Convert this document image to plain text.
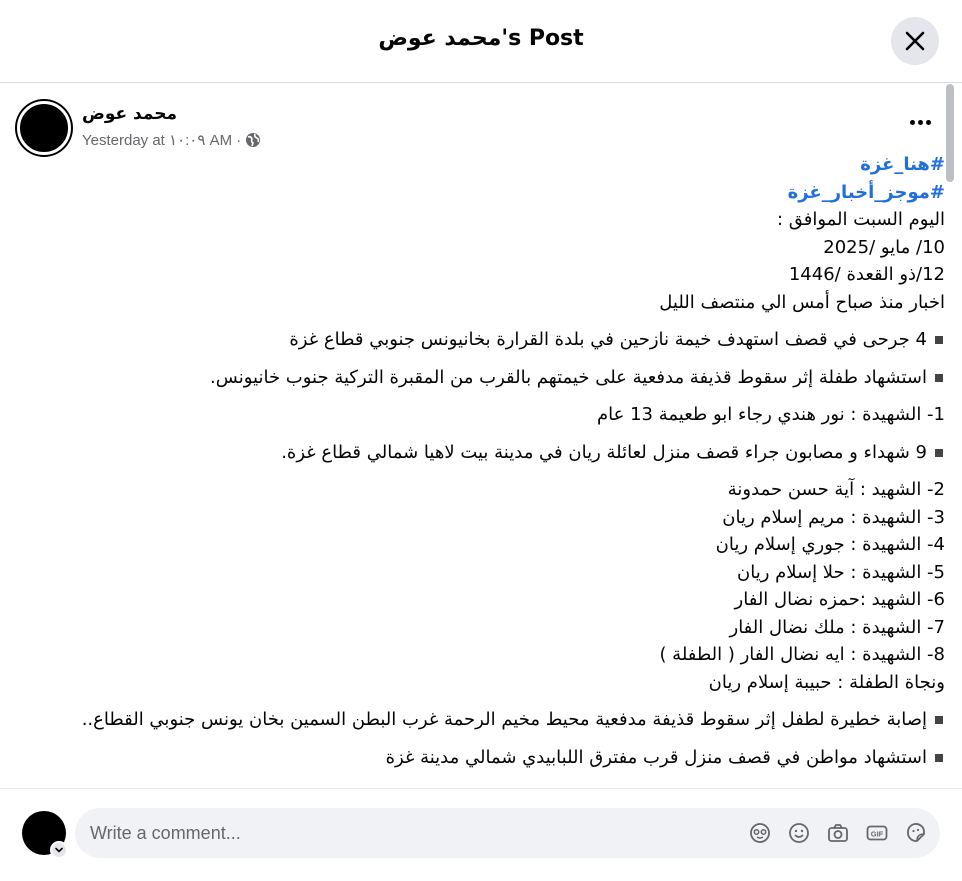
محمد عوض's Post
محمد عوض
Yesterday at ١٠:٠٩ AM ·
#هنا_غزة
#موجز_أخبار_غزة
اليوم السبت الموافق :
10/ مايو /2025
12/ذو القعدة /1446
اخبار منذ صباح أمس الي منتصف الليل
4 جرحى في قصف استهدف خيمة نازحين في بلدة القرارة بخانيونس جنوبي قطاع غزة
استشهاد طفلة إثر سقوط قذيفة مدفعية على خيمتهم بالقرب من المقبرة التركية جنوب خانيونس.
1- الشهيدة : نور هندي رجاء ابو طعيمة 13 عام
9 شهداء و مصابون جراء قصف منزل لعائلة ريان في مدينة بيت لاهيا شمالي قطاع غزة.
2- الشهيد : آية حسن حمدونة
3- الشهيدة : مريم إسلام ريان
4- الشهيدة : جوري إسلام ريان
5- الشهيدة : حلا إسلام ريان
6- الشهيد :حمزه نضال الفار
7- الشهيدة : ملك نضال الفار
8- الشهيدة : ايه نضال الفار ( الطفلة )
ونجاة الطفلة : حبيبة إسلام ريان
إصابة خطيرة لطفل إثر سقوط قذيفة مدفعية محيط مخيم الرحمة غرب البطن السمين بخان يونس جنوبي القطاع..
استشهاد مواطن في قصف منزل قرب مفترق اللبابيدي شمالي مدينة غزة
Write a comment...
GIF
